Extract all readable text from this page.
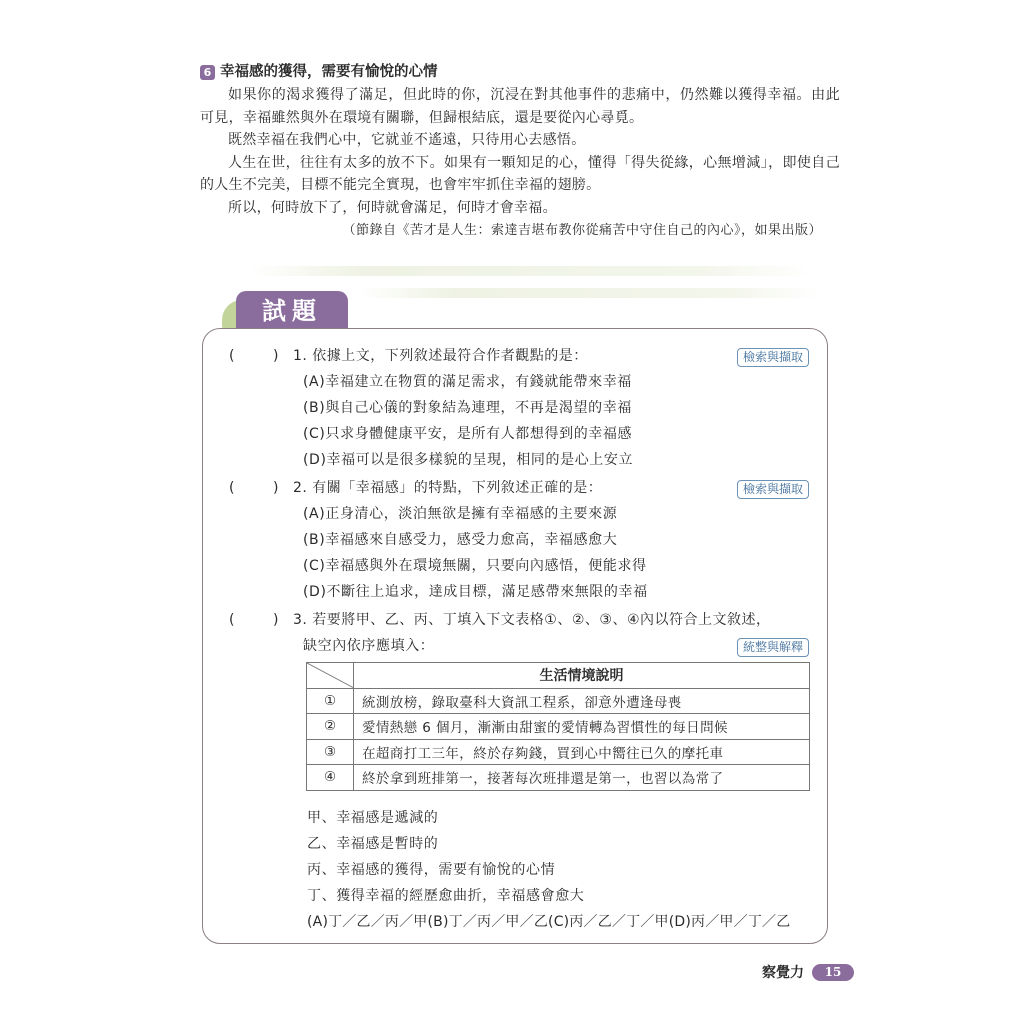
6 幸福感的獲得，需要有愉悅的心情

如果你的渴求獲得了滿足，但此時的你，沉浸在對其他事件的悲痛中，仍然難以獲得幸福。由此可見，幸福雖然與外在環境有關聯，但歸根結底，還是要從內心尋覓。

既然幸福在我們心中，它就並不遙遠，只待用心去感悟。

人生在世，往往有太多的放不下。如果有一顆知足的心，懂得「得失從緣，心無增減」，即使自己的人生不完美，目標不能完全實現，也會牢牢抓住幸福的翅膀。

所以，何時放下了，何時就會滿足，何時才會幸福。

（節錄自《苦才是人生：索達吉堪布教你從痛苦中守住自己的內心》，如果出版）

試題
(	) 1. 依據上文，下列敘述最符合作者觀點的是：	檢索與擷取
(A)幸福建立在物質的滿足需求，有錢就能帶來幸福
(B)與自己心儀的對象結為連理，不再是渴望的幸福
(C)只求身體健康平安，是所有人都想得到的幸福感
(D)幸福可以是很多樣貌的呈現，相同的是心上安立
(	) 2. 有關「幸福感」的特點，下列敘述正確的是：	檢索與擷取
(A)正身清心，淡泊無欲是擁有幸福感的主要來源
(B)幸福感來自感受力，感受力愈高，幸福感愈大
(C)幸福感與外在環境無關，只要向內感悟，便能求得
(D)不斷往上追求，達成目標，滿足感帶來無限的幸福
(	) 3. 若要將甲、乙、丙、丁填入下文表格①、②、③、④內以符合上文敘述，
缺空內依序應填入：	統整與解釋
	生活情境說明
①	統測放榜，錄取臺科大資訊工程系，卻意外遭逢母喪
②	愛情熱戀 6 個月，漸漸由甜蜜的愛情轉為習慣性的每日問候
③	在超商打工三年，終於存夠錢，買到心中嚮往已久的摩托車
④	終於拿到班排第一，接著每次班排還是第一，也習以為常了
甲、幸福感是遞減的
乙、幸福感是暫時的
丙、幸福感的獲得，需要有愉悅的心情
丁、獲得幸福的經歷愈曲折，幸福感會愈大
(A)丁／乙／丙／甲(B)丁／丙／甲／乙(C)丙／乙／丁／甲(D)丙／甲／丁／乙
察覺力	15
